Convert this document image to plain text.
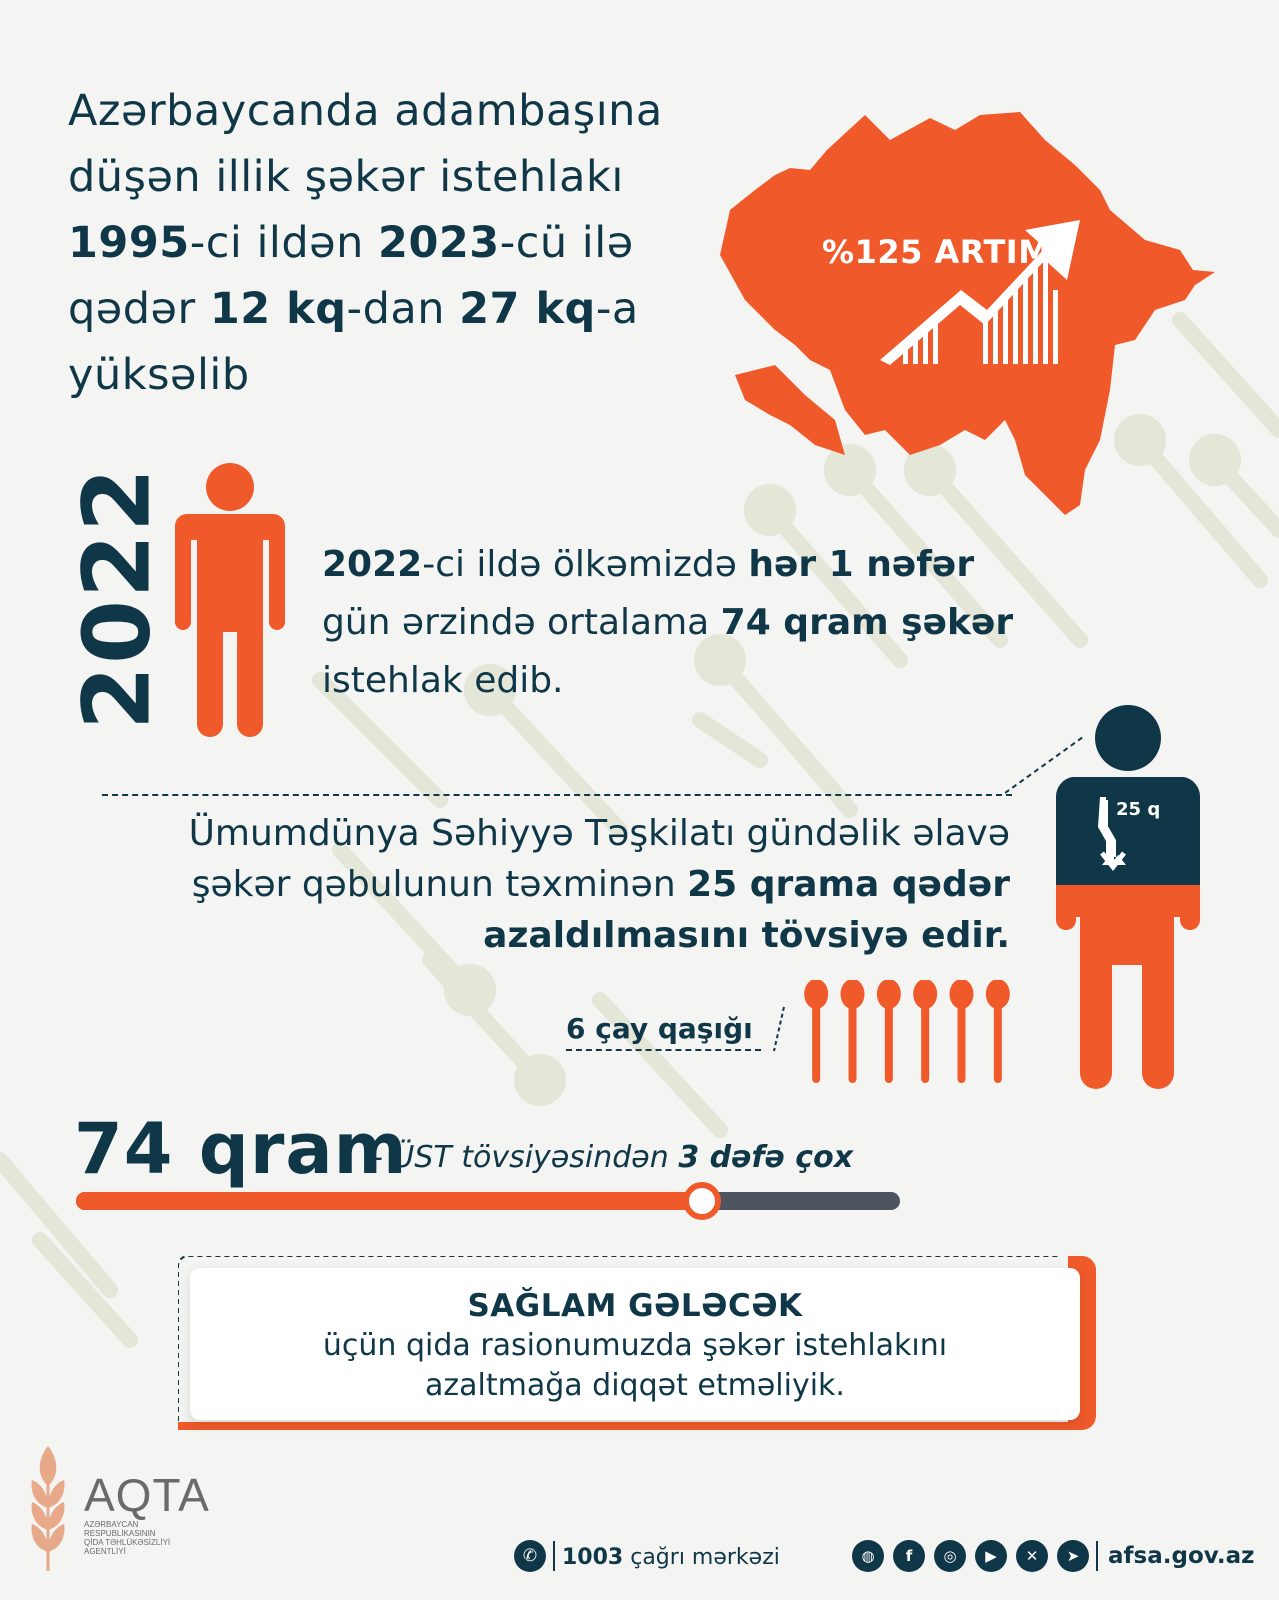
Azərbaycanda adambaşına
düşən illik şəkər istehlakı
1995-ci ildən 2023-cü ilə
qədər 12 kq-dan 27 kq-a
yüksəlib
%125 ARTIM
2022	2022-ci ildə ölkəmizdə hər 1 nəfər
gün ərzində ortalama 74 qram şəkər
istehlak edib.
Ümumdünya Səhiyyə Təşkilatı gündəlik əlavə
şəkər qəbulunun təxminən 25 qrama qədər
azaldılmasını tövsiyə edir.
25 q
6 çay qaşığı
74 qram
- ÜST tövsiyəsindən 3 dəfə çox
SAĞLAM GƏLƏCƏK
üçün qida rasionumuzda şəkər istehlakını
azaltmağa diqqət etməliyik.
AQTA
AZƏRBAYCAN
RESPUBLİKASININ
QİDA TƏHLÜKƏSİZLİYİ
AGENTLİYİ	✆	1003 çağrı mərkəzi	◍	f	◎	▶	✕	➤	afsa.gov.az
